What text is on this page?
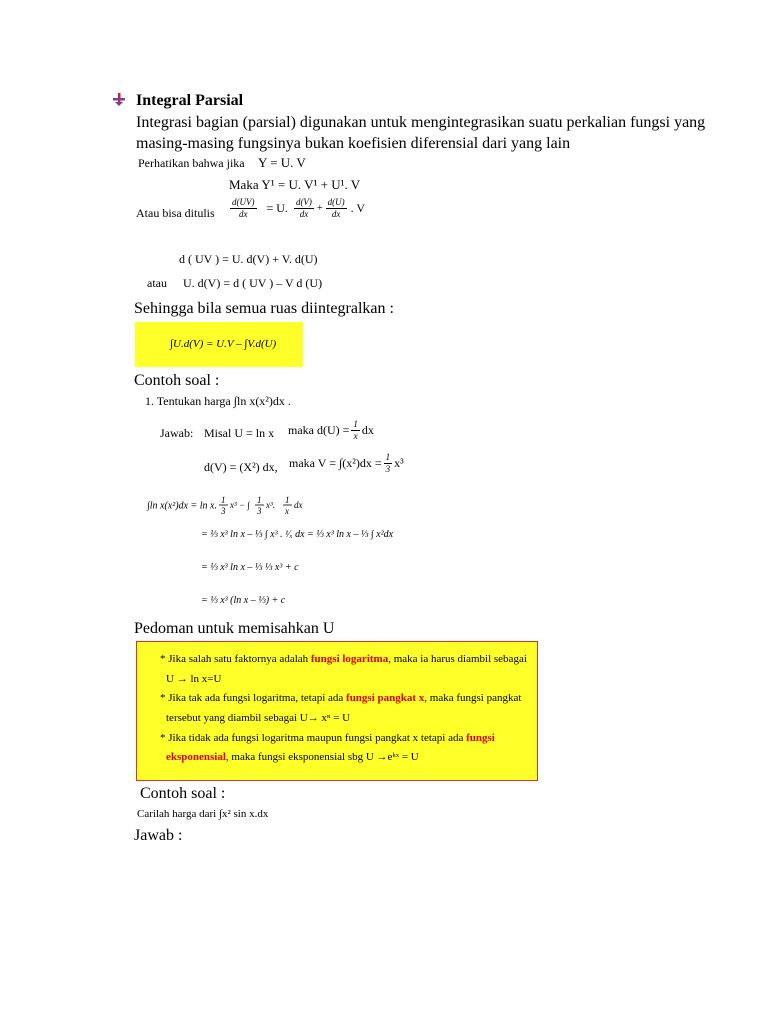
Integral Parsial
Integrasi bagian (parsial) digunakan untuk mengintegrasikan suatu perkalian fungsi yang
masing-masing fungsinya bukan koefisien diferensial dari yang lain
Perhatikan bahwa jika Y = U. V
Maka Y¹ = U. V¹ + U¹. V
Atau bisa ditulis $\frac{d(UV)}{dx} = U$. $\frac{d(V)}{dx} + \frac{d(U)}{dx}$ . V
d ( UV ) = U. d(V) + V. d(U)
atau U. d(V) = d ( UV ) – V d (U)
Sehingga bila semua ruas diintegralkan :
∫U.d(V) = U.V – ∫V.d(U)
Contoh soal :
1. Tentukan harga ∫ln x(x²)dx .
Jawab: Misal U = ln x maka $d(U) = \frac{1}{x}$ dx
d(V) = (X²) dx, maka $V = \int(x^2)dx = \frac{1}{3} x^3$
∫ln x(x²)dx = ln x.
1
3
x³ − ∫ 1
3
x³. 1
x
dx
= ⅓ x³ ln x – ⅓ ∫ x³ . ¹⁄ₓ dx = ⅓ x³ ln x – ⅓ ∫ x²dx
= ⅓ x³ ln x – ⅓ ⅓ x³ + c
= ⅓ x³ (ln x – ⅓) + c
Pedoman untuk memisahkan U
* Jika salah satu faktornya adalah fungsi logaritma, maka ia harus diambil sebagai
U → ln x=U
* Jika tak ada fungsi logaritma, tetapi ada fungsi pangkat x, maka fungsi pangkat
tersebut yang diambil sebagai U→ xⁿ = U
* Jika tidak ada fungsi logaritma maupun fungsi pangkat x tetapi ada fungsi
eksponensial, maka fungsi eksponensial sbg U →eᵏˣ = U
Contoh soal :
Carilah harga dari ∫x² sin x.dx
Jawab :
